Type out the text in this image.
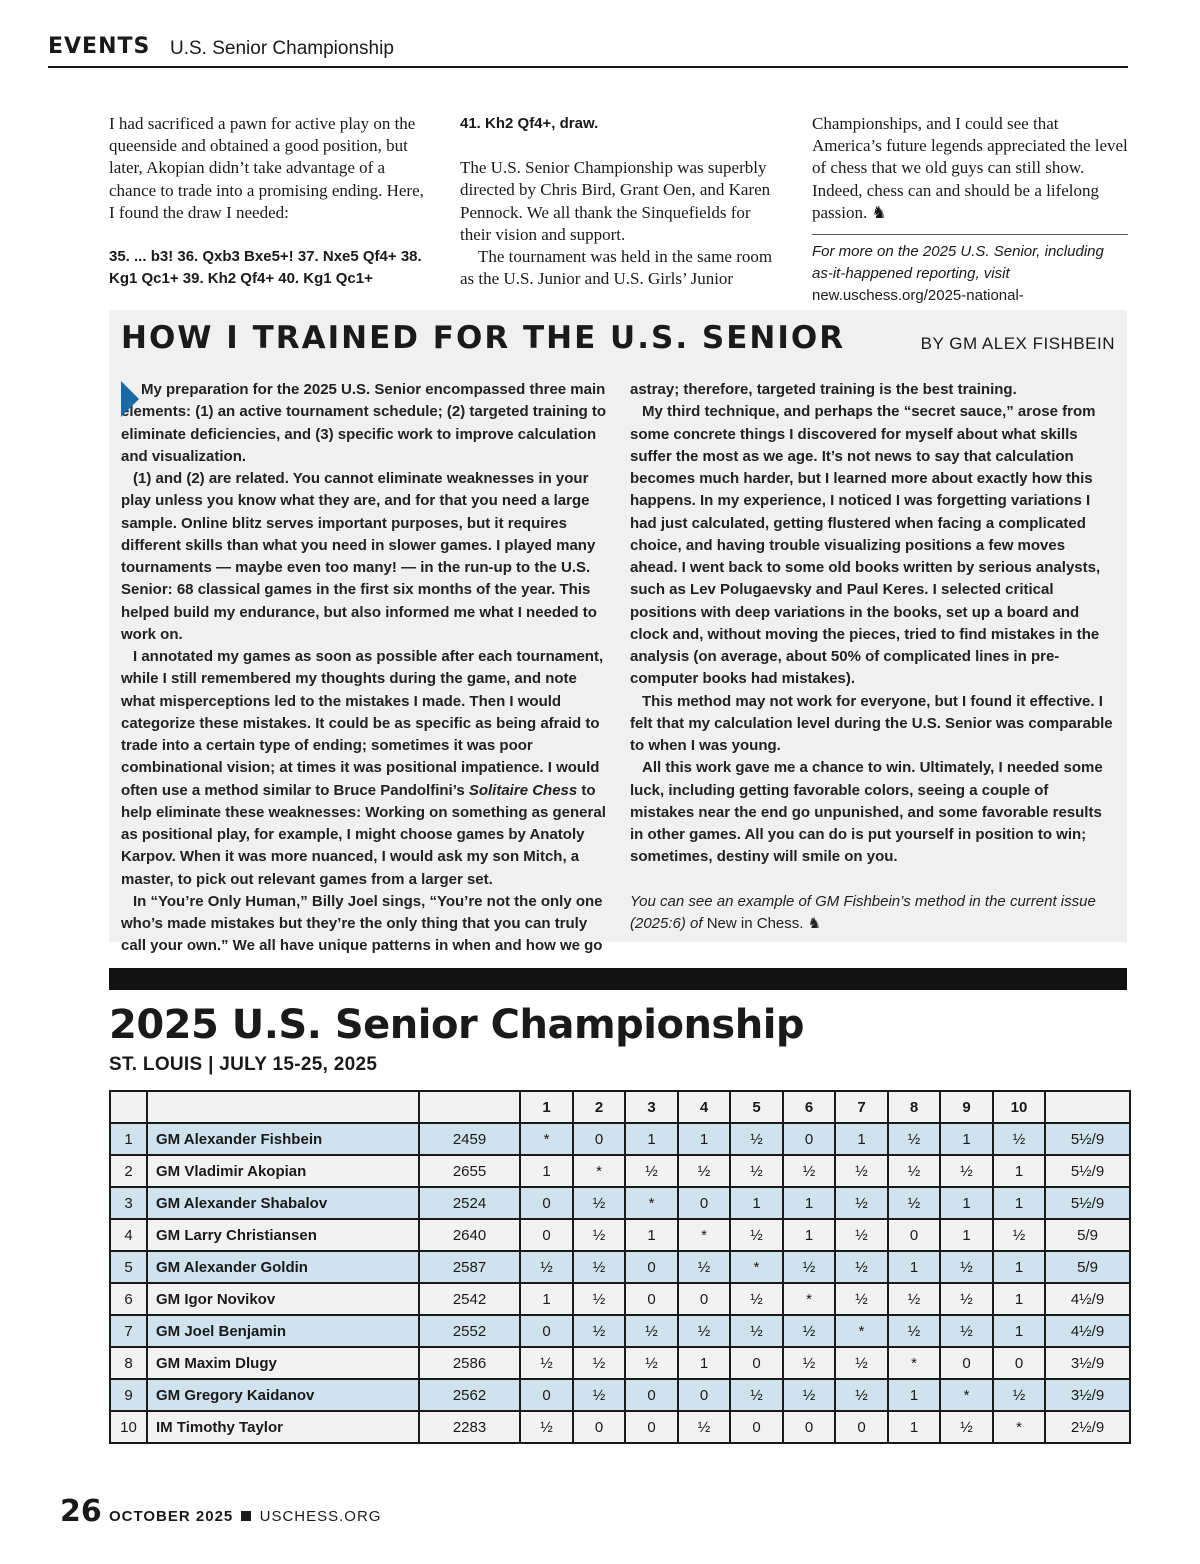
EVENTS U.S. Senior Championship

I had sacrificed a pawn for active play on the queenside and obtained a good position, but later, Akopian didn’t take advantage of a chance to trade into a promising ending. Here, I found the draw I needed:

35. ... b3! 36. Qxb3 Bxe5+! 37. Nxe5 Qf4+ 38. Kg1 Qc1+ 39. Kh2 Qf4+ 40. Kg1 Qc1+

41. Kh2 Qf4+, draw.

The U.S. Senior Championship was superbly directed by Chris Bird, Grant Oen, and Karen Pennock. We all thank the Sinquefields for their vision and support.

The tournament was held in the same room as the U.S. Junior and U.S. Girls’ Junior

Championships, and I could see that America’s future legends appreciated the level of chess that we old guys can still show. Indeed, chess can and should be a lifelong passion. ♞

For more on the 2025 U.S. Senior, including as-it-happened reporting, visit new.uschess.org/2025-national-

HOW I TRAINED FOR THE U.S. SENIOR	BY GM ALEX FISHBEIN

My preparation for the 2025 U.S. Senior encompassed three main elements: (1) an active tournament schedule; (2) targeted training to eliminate deficiencies, and (3) specific work to improve calculation and visualization.

(1) and (2) are related. You cannot eliminate weaknesses in your play unless you know what they are, and for that you need a large sample. Online blitz serves important purposes, but it requires different skills than what you need in slower games. I played many tournaments — maybe even too many! — in the run-up to the U.S. Senior: 68 classical games in the first six months of the year. This helped build my endurance, but also informed me what I needed to work on.

I annotated my games as soon as possible after each tournament, while I still remembered my thoughts during the game, and note what misperceptions led to the mistakes I made. Then I would categorize these mistakes. It could be as specific as being afraid to trade into a certain type of ending; sometimes it was poor combinational vision; at times it was positional impatience. I would often use a method similar to Bruce Pandolfini’s Solitaire Chess to help eliminate these weaknesses: Working on something as general as positional play, for example, I might choose games by Anatoly Karpov. When it was more nuanced, I would ask my son Mitch, a master, to pick out relevant games from a larger set.

In “You’re Only Human,” Billy Joel sings, “You’re not the only one who’s made mistakes but they’re the only thing that you can truly call your own.” We all have unique patterns in when and how we go

astray; therefore, targeted training is the best training.

My third technique, and perhaps the “secret sauce,” arose from some concrete things I discovered for myself about what skills suffer the most as we age. It’s not news to say that calculation becomes much harder, but I learned more about exactly how this happens. In my experience, I noticed I was forgetting variations I had just calculated, getting flustered when facing a complicated choice, and having trouble visualizing positions a few moves ahead. I went back to some old books written by serious analysts, such as Lev Polugaevsky and Paul Keres. I selected critical positions with deep variations in the books, set up a board and clock and, without moving the pieces, tried to find mistakes in the analysis (on average, about 50% of complicated lines in pre-computer books had mistakes).

This method may not work for everyone, but I found it effective. I felt that my calculation level during the U.S. Senior was comparable to when I was young.

All this work gave me a chance to win. Ultimately, I needed some luck, including getting favorable colors, seeing a couple of mistakes near the end go unpunished, and some favorable results in other games. All you can do is put yourself in position to win; sometimes, destiny will smile on you.

You can see an example of GM Fishbein’s method in the current issue (2025:6) of New in Chess. ♞

2025 U.S. Senior Championship
ST. LOUIS | JULY 15-25, 2025
			1	2	3	4	5	6	7	8	9	10	
1	GM Alexander Fishbein	2459	*	0	1	1	½	0	1	½	1	½	5½/9
2	GM Vladimir Akopian	2655	1	*	½	½	½	½	½	½	½	1	5½/9
3	GM Alexander Shabalov	2524	0	½	*	0	1	1	½	½	1	1	5½/9
4	GM Larry Christiansen	2640	0	½	1	*	½	1	½	0	1	½	5/9
5	GM Alexander Goldin	2587	½	½	0	½	*	½	½	1	½	1	5/9
6	GM Igor Novikov	2542	1	½	0	0	½	*	½	½	½	1	4½/9
7	GM Joel Benjamin	2552	0	½	½	½	½	½	*	½	½	1	4½/9
8	GM Maxim Dlugy	2586	½	½	½	1	0	½	½	*	0	0	3½/9
9	GM Gregory Kaidanov	2562	0	½	0	0	½	½	½	1	*	½	3½/9
10	IM Timothy Taylor	2283	½	0	0	½	0	0	0	1	½	*	2½/9
26 OCTOBER 2025 USCHESS.ORG
